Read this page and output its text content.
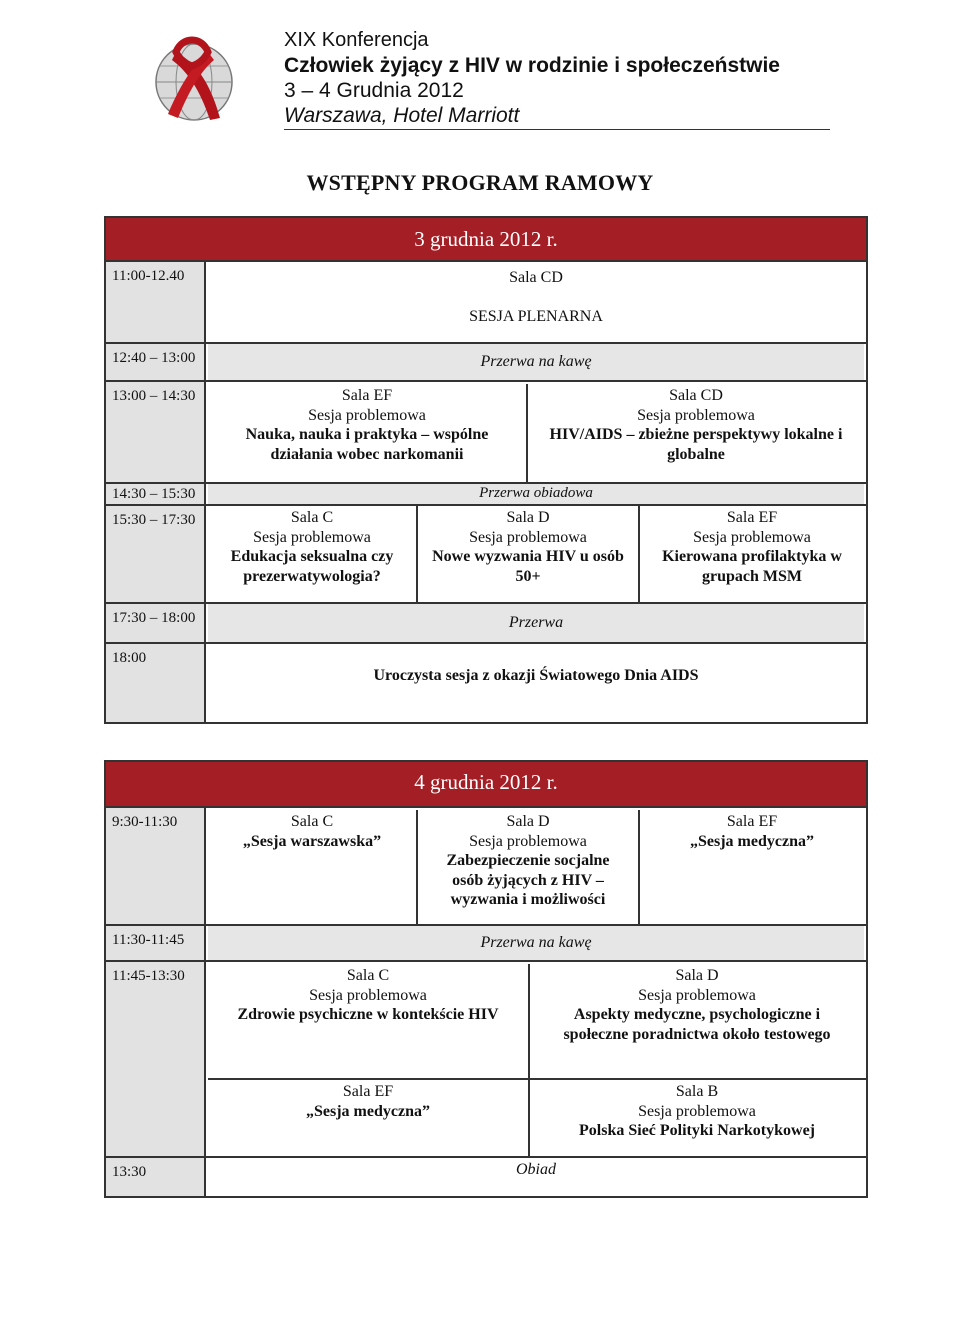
XIX Konferencja
Człowiek żyjący z HIV w rodzinie i społeczeństwie
3 – 4 Grudnia 2012
Warszawa, Hotel Marriott
WSTĘPNY PROGRAM RAMOWY
3 grudnia 2012 r.
11:00-12.40
12:40 – 13:00
13:00 – 14:30
14:30 – 15:30
15:30 – 17:30
17:30 – 18:00
18:00
Sala CD
SESJA PLENARNA
Przerwa na kawę
Sala EF
Sesja problemowa
Nauka, nauka i praktyka – wspólne działania wobec narkomanii
Sala CD
Sesja problemowa
HIV/AIDS – zbieżne perspektywy lokalne i globalne
Przerwa obiadowa
Sala C
Sesja problemowa
Edukacja seksualna czy prezerwatywologia?
Sala D
Sesja problemowa
Nowe wyzwania HIV u osób 50+
Sala EF
Sesja problemowa
Kierowana profilaktyka w grupach MSM
Przerwa
Uroczysta sesja z okazji Światowego Dnia AIDS
4 grudnia 2012 r.
9:30-11:30
11:30-11:45
11:45-13:30
13:30
Sala C
„Sesja warszawska”
Sala D
Sesja problemowa
Zabezpieczenie socjalne osób żyjących z HIV – wyzwania i możliwości
Sala EF
„Sesja medyczna”
Przerwa na kawę
Sala C
Sesja problemowa
Zdrowie psychiczne w kontekście HIV
Sala D
Sesja problemowa
Aspekty medyczne, psychologiczne i społeczne poradnictwa około testowego
Sala EF
„Sesja medyczna”
Sala B
Sesja problemowa
Polska Sieć Polityki Narkotykowej
Obiad
